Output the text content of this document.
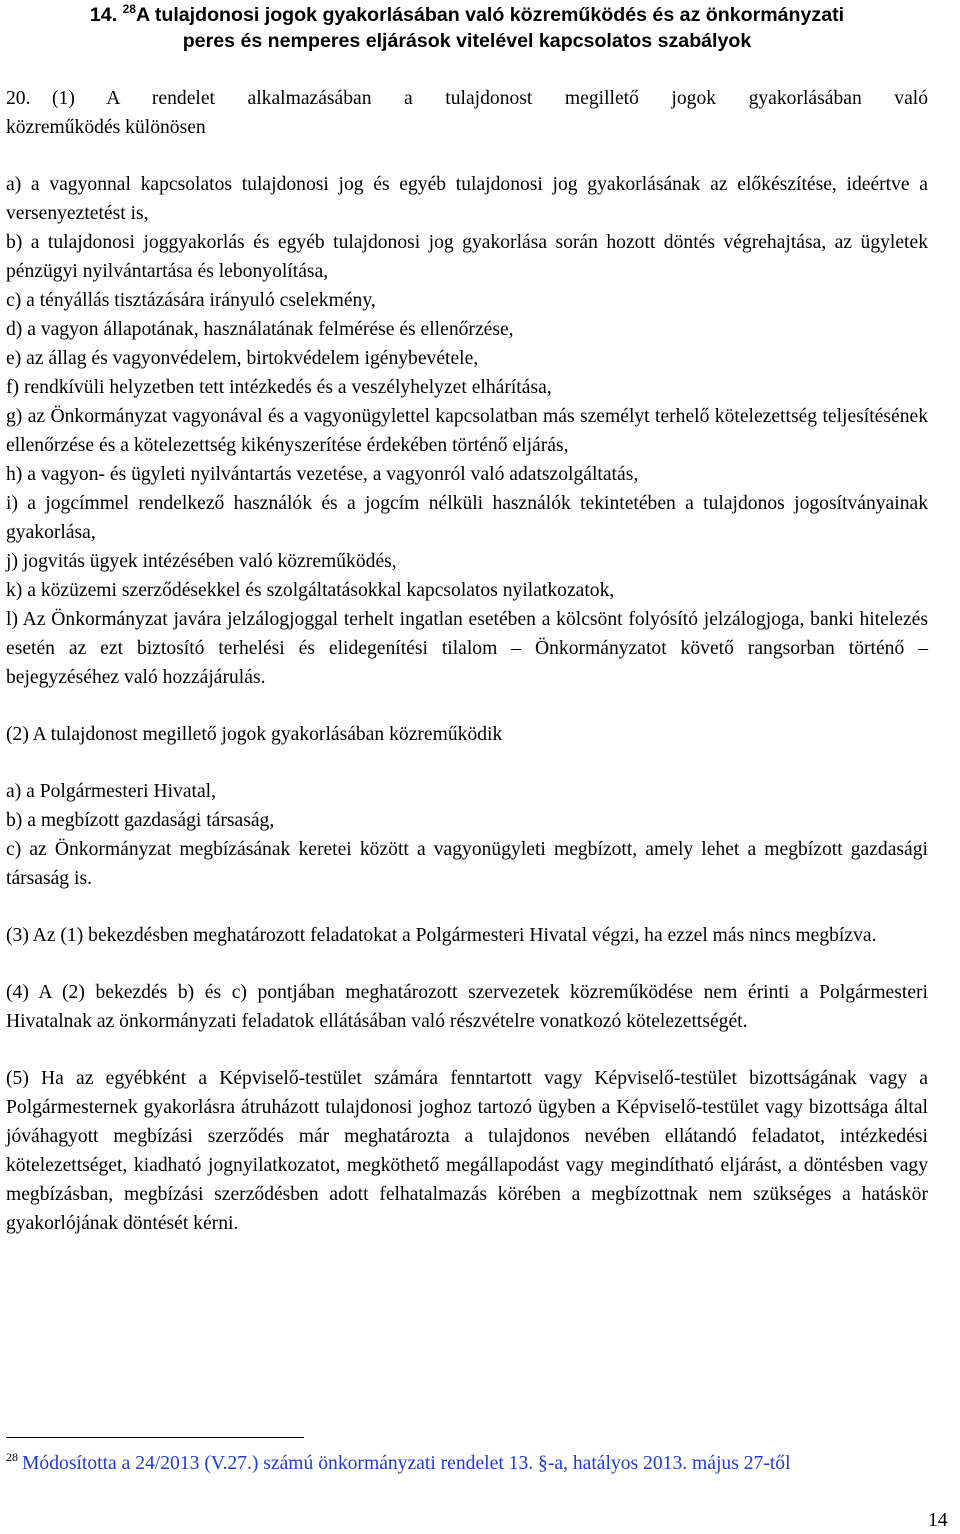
14. $^{28}$A tulajdonosi jogok gyakorlásában való közreműködés és az önkormányzati
peres és nemperes eljárások vitelével kapcsolatos szabályok

20. (1) A rendelet alkalmazásában a tulajdonost megillető jogok gyakorlásában való

közreműködés különösen

a) a vagyonnal kapcsolatos tulajdonosi jog és egyéb tulajdonosi jog gyakorlásának az előkészítése, ideértve a versenyeztetést is,

b) a tulajdonosi joggyakorlás és egyéb tulajdonosi jog gyakorlása során hozott döntés végrehajtása, az ügyletek pénzügyi nyilvántartása és lebonyolítása,

c) a tényállás tisztázására irányuló cselekmény,

d) a vagyon állapotának, használatának felmérése és ellenőrzése,

e) az állag és vagyonvédelem, birtokvédelem igénybevétele,

f) rendkívüli helyzetben tett intézkedés és a veszélyhelyzet elhárítása,

g) az Önkormányzat vagyonával és a vagyonügylettel kapcsolatban más személyt terhelő kötelezettség teljesítésének ellenőrzése és a kötelezettség kikényszerítése érdekében történő eljárás,

h) a vagyon- és ügyleti nyilvántartás vezetése, a vagyonról való adatszolgáltatás,

i) a jogcímmel rendelkező használók és a jogcím nélküli használók tekintetében a tulajdonos jogosítványainak gyakorlása,

j) jogvitás ügyek intézésében való közreműködés,

k) a közüzemi szerződésekkel és szolgáltatásokkal kapcsolatos nyilatkozatok,

l) Az Önkormányzat javára jelzálogjoggal terhelt ingatlan esetében a kölcsönt folyósító jelzálogjoga, banki hitelezés esetén az ezt biztosító terhelési és elidegenítési tilalom – Önkormányzatot követő rangsorban történő – bejegyzéséhez való hozzájárulás.

(2) A tulajdonost megillető jogok gyakorlásában közreműködik

a) a Polgármesteri Hivatal,

b) a megbízott gazdasági társaság,

c) az Önkormányzat megbízásának keretei között a vagyonügyleti megbízott, amely lehet a megbízott gazdasági társaság is.

(3) Az (1) bekezdésben meghatározott feladatokat a Polgármesteri Hivatal végzi, ha ezzel más nincs megbízva.

(4) A (2) bekezdés b) és c) pontjában meghatározott szervezetek közreműködése nem érinti a Polgármesteri Hivatalnak az önkormányzati feladatok ellátásában való részvételre vonatkozó kötelezettségét.

(5) Ha az egyébként a Képviselő-testület számára fenntartott vagy Képviselő-testület bizottságának vagy a Polgármesternek gyakorlásra átruházott tulajdonosi joghoz tartozó ügyben a Képviselő-testület vagy bizottsága által jóváhagyott megbízási szerződés már meghatározta a tulajdonos nevében ellátandó feladatot, intézkedési kötelezettséget, kiadható jognyilatkozatot, megköthető megállapodást vagy megindítható eljárást, a döntésben vagy megbízásban, megbízási szerződésben adott felhatalmazás körében a megbízottnak nem szükséges a hatáskör gyakorlójának döntését kérni.

$^{28}$ Módosította a 24/2013 (V.27.) számú önkormányzati rendelet 13. §-a, hatályos 2013. május 27-től
14
